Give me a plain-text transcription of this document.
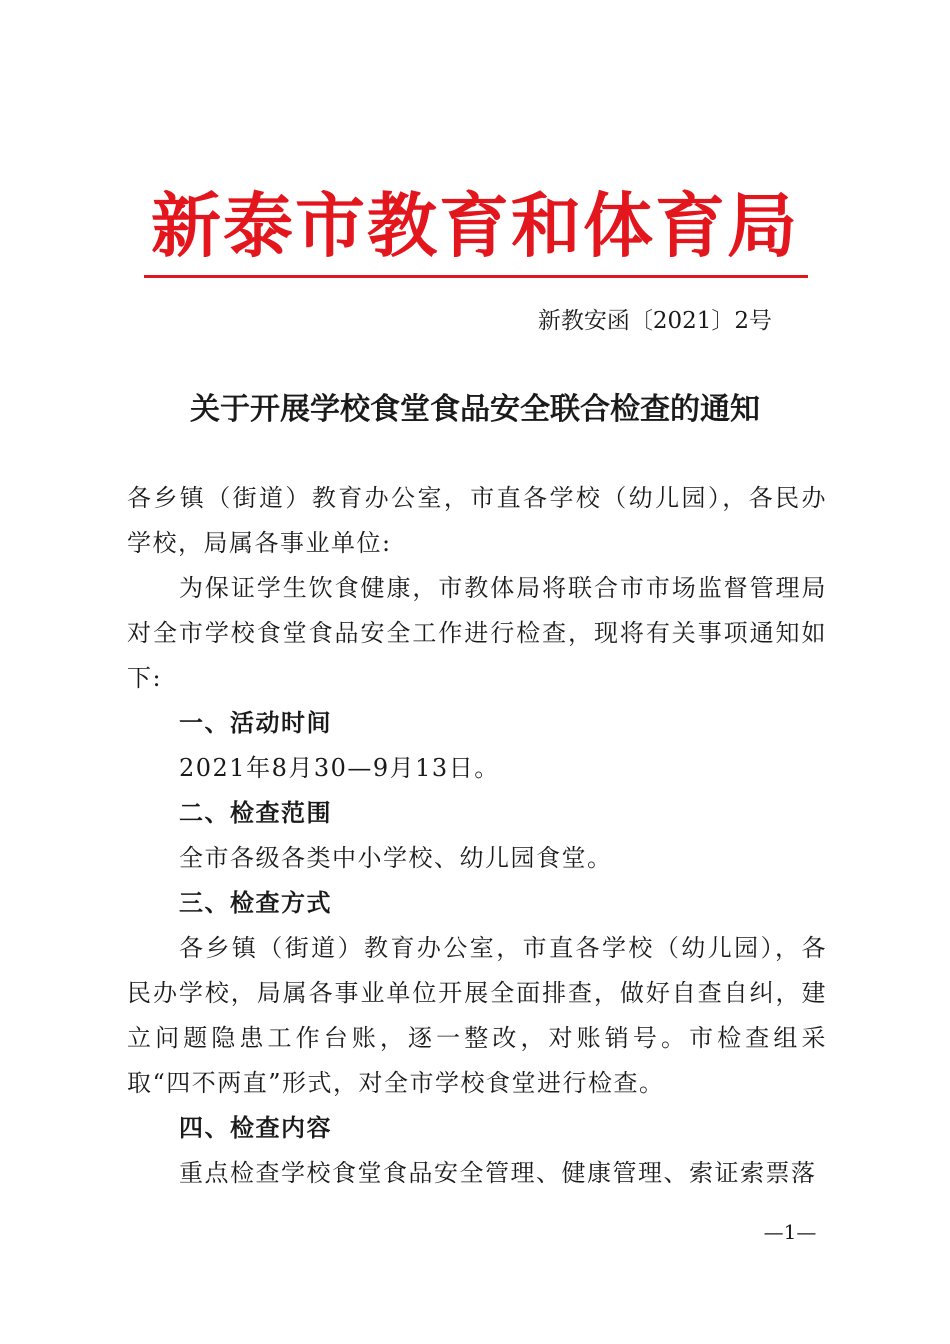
新泰市教育和体育局
新教安函〔2021〕2号
关于开展学校食堂食品安全联合检查的通知

各乡镇（街道）教育办公室，市直各学校（幼儿园），各民办学校，局属各事业单位:

为保证学生饮食健康，市教体局将联合市市场监督管理局对全市学校食堂食品安全工作进行检查，现将有关事项通知如下:

一、活动时间

2021年8月30—9月13日。

二、检查范围

全市各级各类中小学校、幼儿园食堂。

三、检查方式

各乡镇（街道）教育办公室，市直各学校（幼儿园），各民办学校，局属各事业单位开展全面排查，做好自查自纠，建立问题隐患工作台账，逐一整改，对账销号。市检查组采取“四不两直”形式，对全市学校食堂进行检查。

四、检查内容

重点检查学校食堂食品安全管理、健康管理、索证索票落

—1—
